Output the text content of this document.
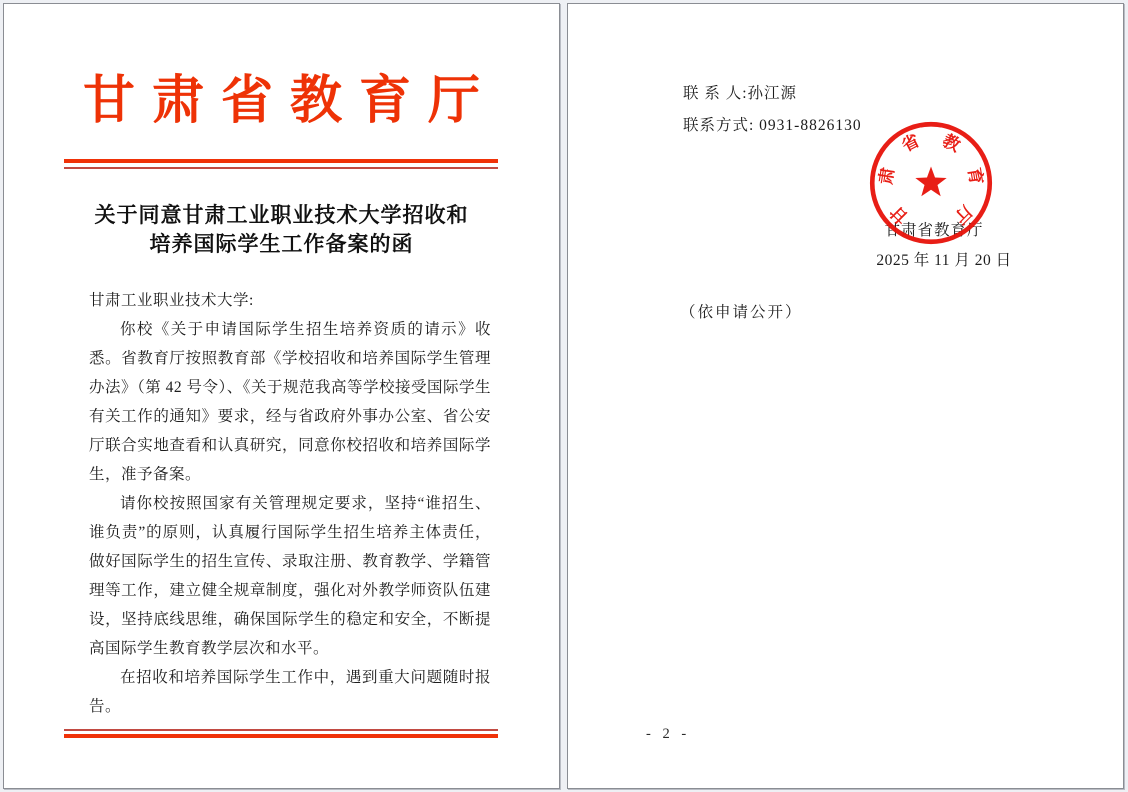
甘肃省教育厅
关于同意甘肃工业职业技术大学招收和
培养国际学生工作备案的函

甘肃工业职业技术大学:

你校《关于申请国际学生招生培养资质的请示》收悉。省教育厅按照教育部《学校招收和培养国际学生管理办法》（第 42 号令）、《关于规范我高等学校接受国际学生有关工作的通知》要求，经与省政府外事办公室、省公安厅联合实地查看和认真研究，同意你校招收和培养国际学生，准予备案。

请你校按照国家有关管理规定要求，坚持“谁招生、谁负责”的原则，认真履行国际学生招生培养主体责任，做好国际学生的招生宣传、录取注册、教育教学、学籍管理等工作，建立健全规章制度，强化对外教学师资队伍建设，坚持底线思维，确保国际学生的稳定和安全，不断提高国际学生教育教学层次和水平。

在招收和培养国际学生工作中，遇到重大问题随时报告。

联 系 人:孙江源
联系方式: 0931-8826130
甘肃省教育厅
2025 年 11 月 20 日
甘
肃
省 教
育
厅
（依申请公开）
- 2 -
